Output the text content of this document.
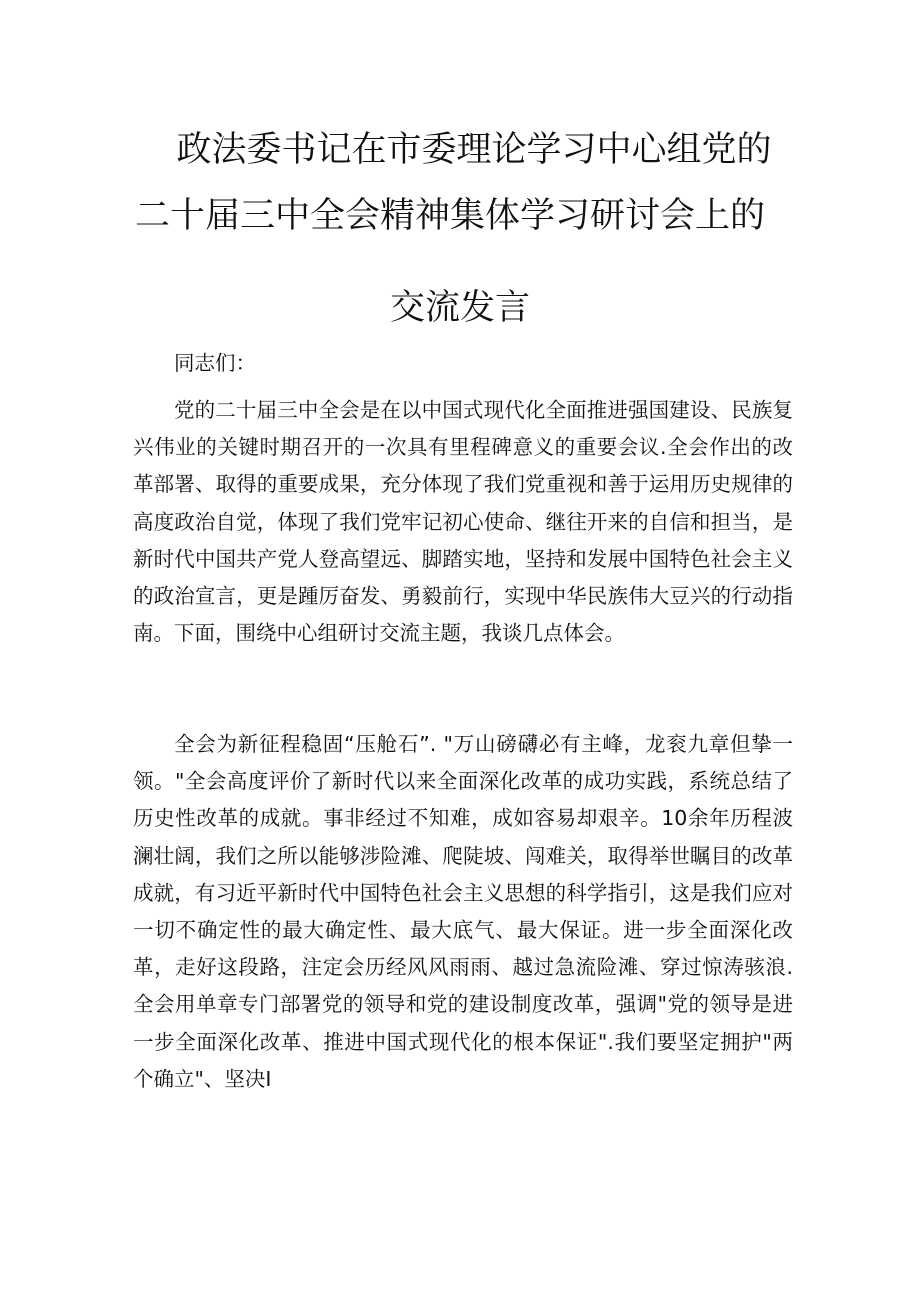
政法委书记在市委理论学习中心组党的
二十届三中全会精神集体学习研讨会上的
交流发言
同志们：
党的二十届三中全会是在以中国式现代化全面推进强国建设、民族复兴伟业的关键时期召开的一次具有里程碑意义的重要会议.全会作出的改革部署、取得的重要成果，充分体现了我们党重视和善于运用历史规律的高度政治自觉，体现了我们党牢记初心使命、继往开来的自信和担当，是新时代中国共产党人登高望远、脚踏实地，坚持和发展中国特色社会主义的政治宣言，更是踵厉奋发、勇毅前行，实现中华民族伟大豆兴的行动指南。下面，围绕中心组研讨交流主题，我谈几点体会。
全会为新征程稳固“压舱石”. "万山磅礴必有主峰，龙衮九章但挚一领。"全会高度评价了新时代以来全面深化改革的成功实践，系统总结了历史性改革的成就。事非经过不知难，成如容易却艰辛。10余年历程波澜壮阔，我们之所以能够涉险滩、爬陡坡、闯难关，取得举世瞩目的改革成就，有习近平新时代中国特色社会主义思想的科学指引，这是我们应对一切不确定性的最大确定性、最大底气、最大保证。进一步全面深化改革，走好这段路，注定会历经风风雨雨、越过急流险滩、穿过惊涛骇浪.全会用单章专门部署党的领导和党的建设制度改革，强调"党的领导是进一步全面深化改革、推进中国式现代化的根本保证".我们要坚定拥护"两个确立"、坚决I
